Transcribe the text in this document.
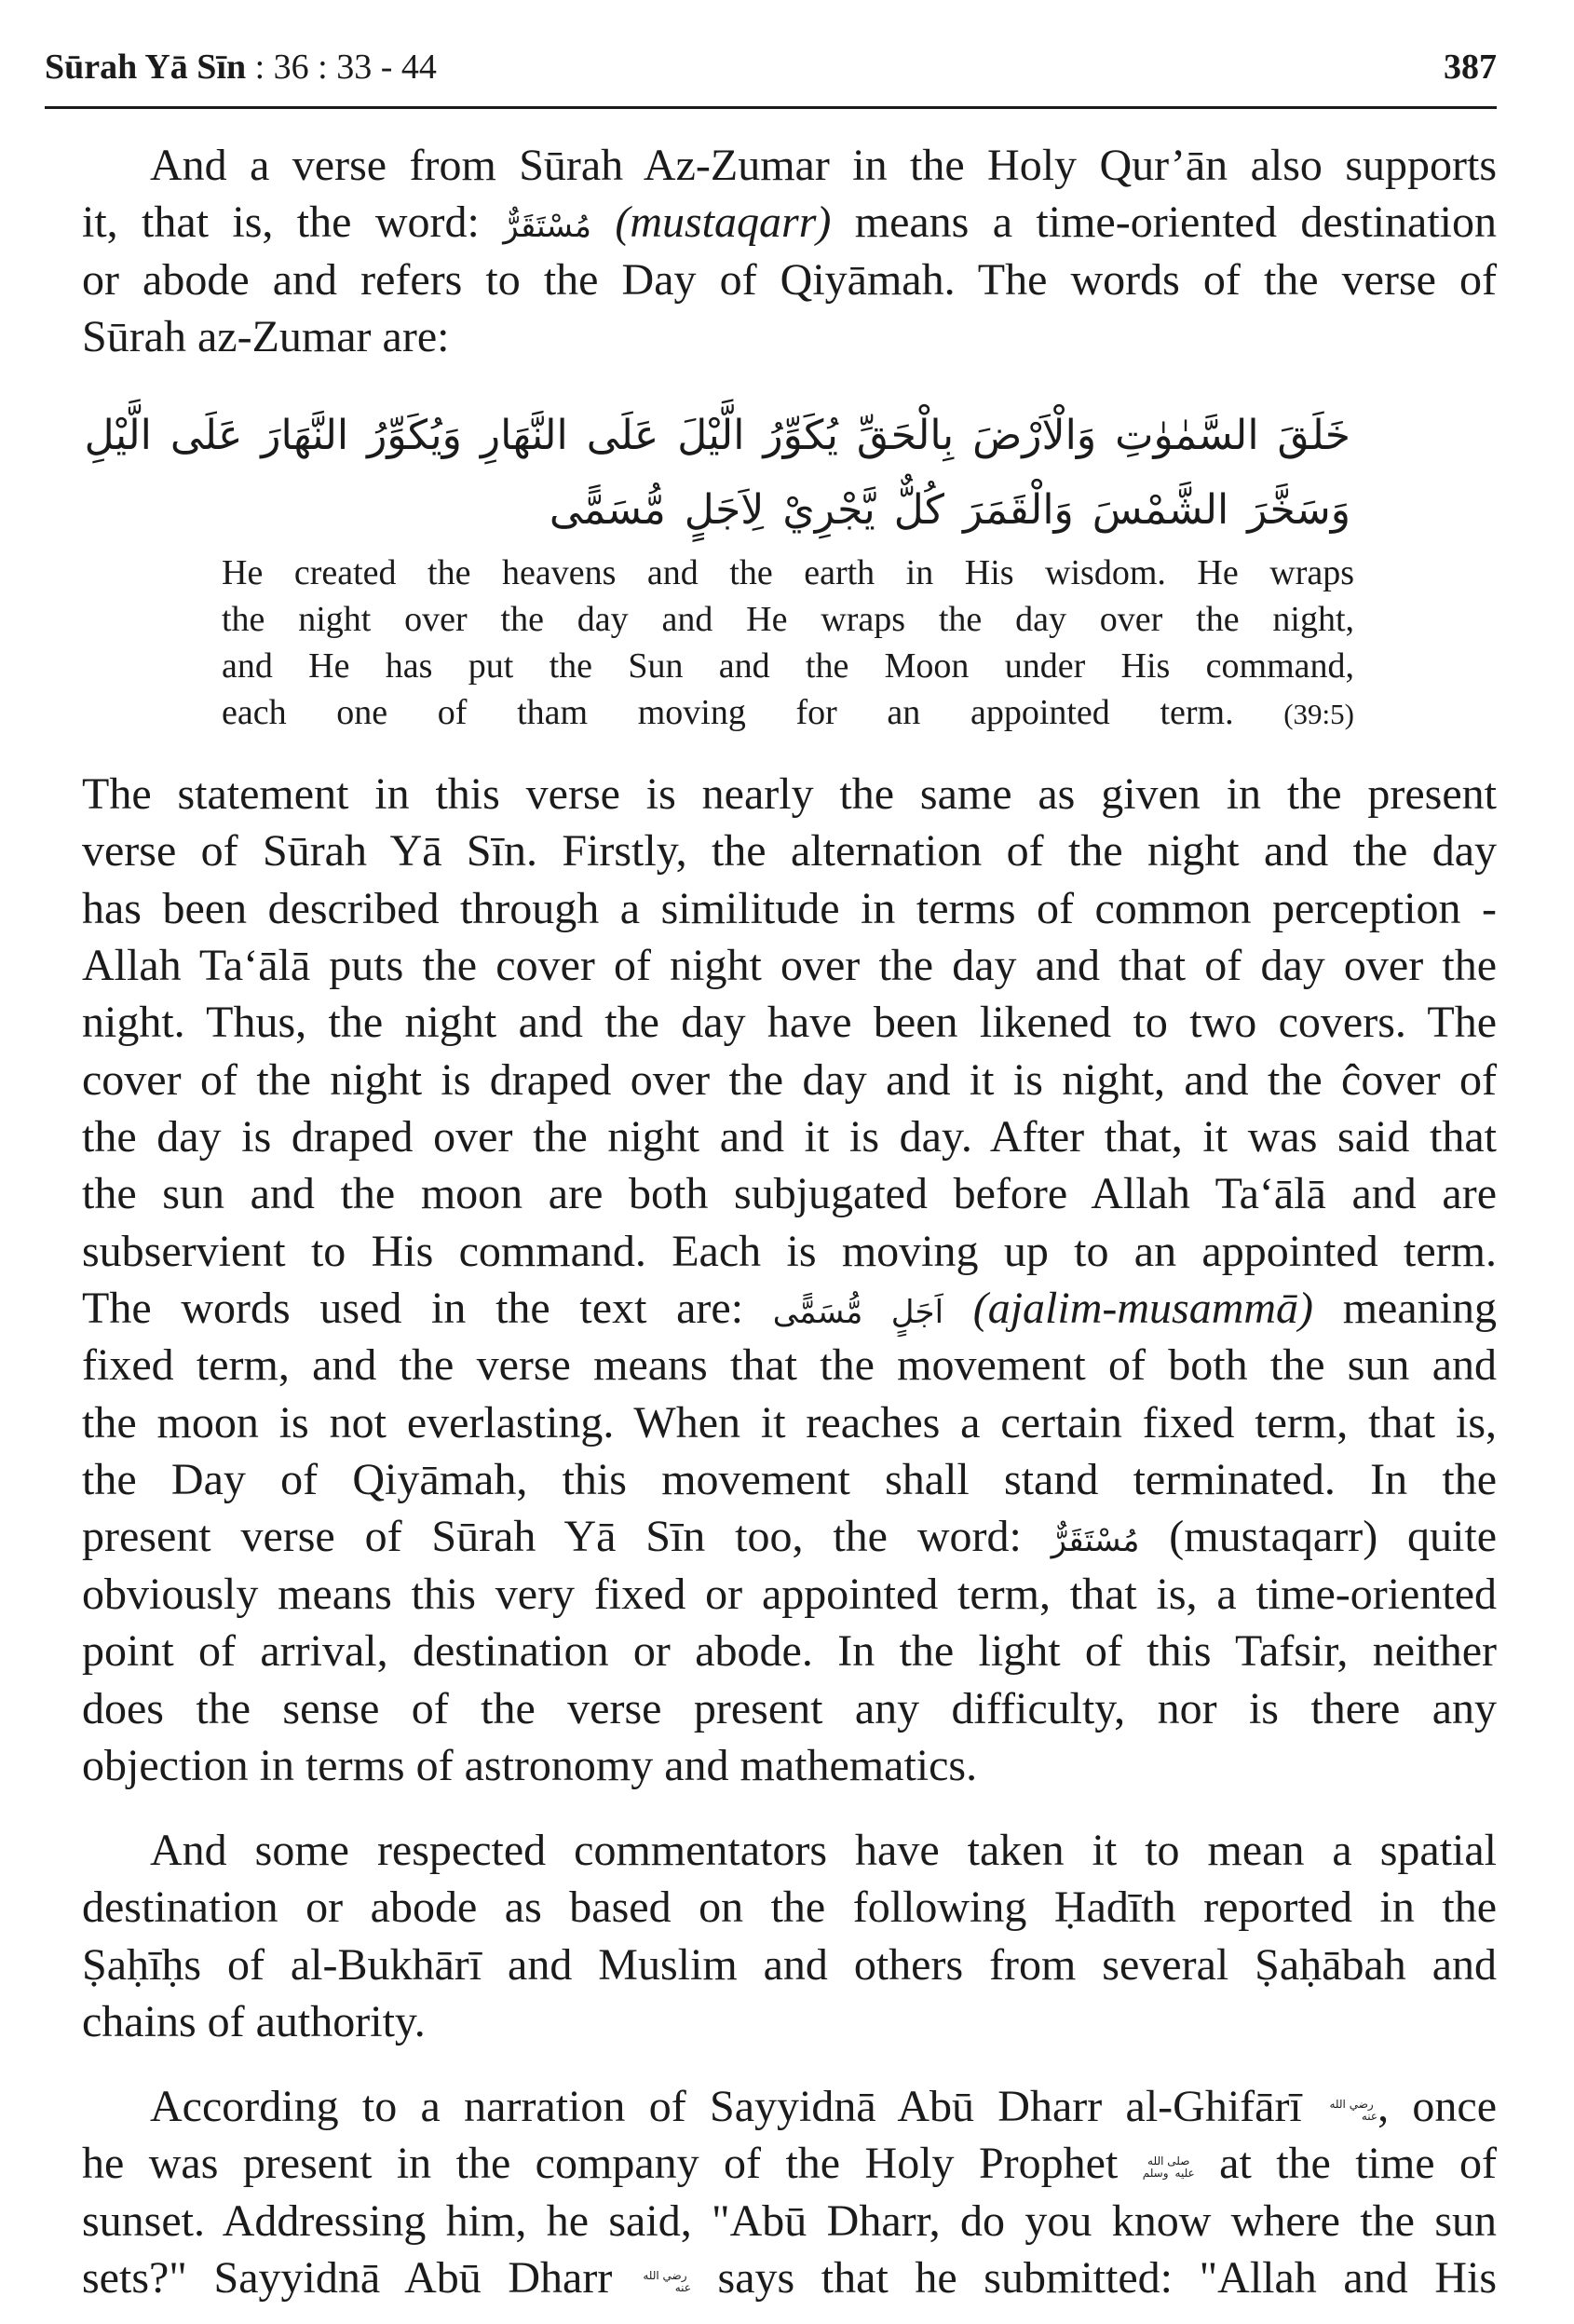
Sūrah Yā Sīn : 36 : 33 - 44	387
And a verse from Sūrah Az-Zumar in the Holy Qur’ān also supports
it, that is, the word: مُسْتَقَرٌّ (mustaqarr) means a time-oriented destination
or abode and refers to the Day of Qiyāmah. The words of the verse of
Sūrah az-Zumar are:
خَلَقَ السَّمٰوٰتِ وَالْاَرْضَ بِالْحَقِّ يُكَوِّرُ الَّيْلَ عَلَى النَّهَارِ وَيُكَوِّرُ النَّهَارَ عَلَى الَّيْلِ
وَسَخَّرَ الشَّمْسَ وَالْقَمَرَ كُلٌّ يَّجْرِيْ لِاَجَلٍ مُّسَمًّى
He created the heavens and the earth in His wisdom. He wraps
the night over the day and He wraps the day over the night,
and He has put the Sun and the Moon under His command,
each one of tham moving for an appointed term. (39:5)
The statement in this verse is nearly the same as given in the present
verse of Sūrah Yā Sīn. Firstly, the alternation of the night and the day
has been described through a similitude in terms of common perception -
Allah Ta‘ālā puts the cover of night over the day and that of day over the
night. Thus, the night and the day have been likened to two covers. The
cover of the night is draped over the day and it is night, and the ĉover of
the day is draped over the night and it is day. After that, it was said that
the sun and the moon are both subjugated before Allah Ta‘ālā and are
subservient to His command. Each is moving up to an appointed term.
The words used in the text are: اَجَلٍ مُّسَمًّى (ajalim-musammā) meaning
fixed term, and the verse means that the movement of both the sun and
the moon is not everlasting. When it reaches a certain fixed term, that is,
the Day of Qiyāmah, this movement shall stand terminated. In the
present verse of Sūrah Yā Sīn too, the word: مُسْتَقَرٌّ (mustaqarr) quite
obviously means this very fixed or appointed term, that is, a time-oriented
point of arrival, destination or abode. In the light of this Tafsir, neither
does the sense of the verse present any difficulty, nor is there any
objection in terms of astronomy and mathematics.
And some respected commentators have taken it to mean a spatial
destination or abode as based on the following Ḥadīth reported in the
Ṣaḥīḥs of al-Bukhārī and Muslim and others from several Ṣaḥābah and
chains of authority.
According to a narration of Sayyidnā Abū Dharr al-Ghifārī رضي الله عنه, once
he was present in the company of the Holy Prophet صلى الله عليه وسلم at the time of
sunset. Addressing him, he said, "Abū Dharr, do you know where the sun
sets?" Sayyidnā Abū Dharr رضي الله عنه says that he submitted: "Allah and His
